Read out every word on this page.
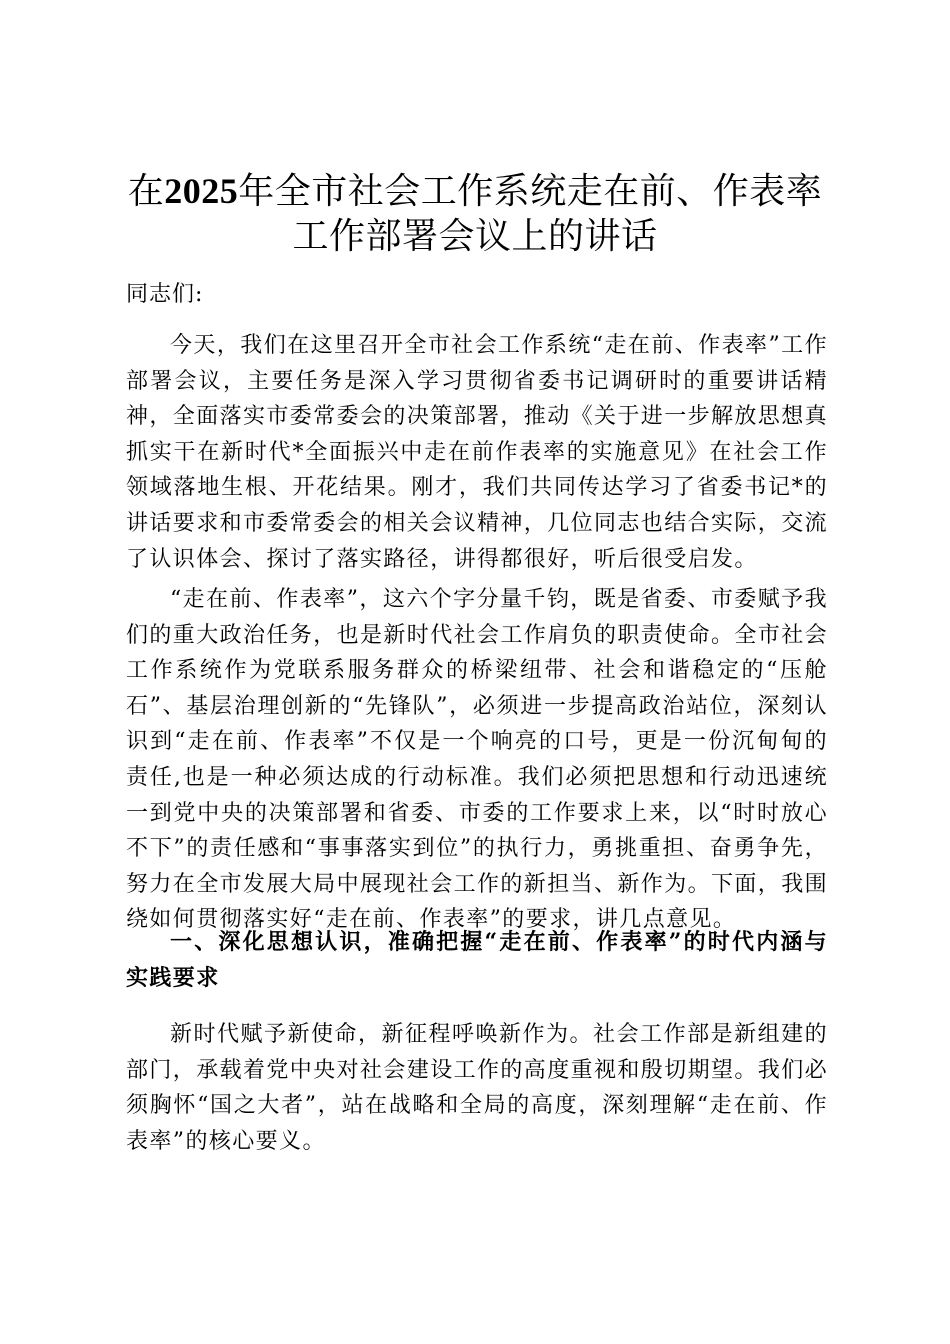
在2025年全市社会工作系统走在前、作表率
工作部署会议上的讲话

同志们:

今天，我们在这里召开全市社会工作系统“走在前、作表率”工作部署会议，主要任务是深入学习贯彻省委书记调研时的重要讲话精神，全面落实市委常委会的决策部署，推动《关于进一步解放思想真抓实干在新时代*全面振兴中走在前作表率的实施意见》在社会工作领域落地生根、开花结果。刚才，我们共同传达学习了省委书记*的讲话要求和市委常委会的相关会议精神，几位同志也结合实际，交流了认识体会、探讨了落实路径，讲得都很好，听后很受启发。

“走在前、作表率”，这六个字分量千钧，既是省委、市委赋予我们的重大政治任务，也是新时代社会工作肩负的职责使命。全市社会工作系统作为党联系服务群众的桥梁纽带、社会和谐稳定的“压舱石”、基层治理创新的“先锋队”，必须进一步提高政治站位，深刻认识到“走在前、作表率”不仅是一个响亮的口号，更是一份沉甸甸的责任,也是一种必须达成的行动标准。我们必须把思想和行动迅速统一到党中央的决策部署和省委、市委的工作要求上来，以“时时放心不下”的责任感和“事事落实到位”的执行力，勇挑重担、奋勇争先，努力在全市发展大局中展现社会工作的新担当、新作为。下面，我围绕如何贯彻落实好“走在前、作表率”的要求，讲几点意见。

一、深化思想认识，准确把握“走在前、作表率”的时代内涵与实践要求

新时代赋予新使命，新征程呼唤新作为。社会工作部是新组建的部门，承载着党中央对社会建设工作的高度重视和殷切期望。我们必须胸怀“国之大者”，站在战略和全局的高度，深刻理解“走在前、作表率”的核心要义。
